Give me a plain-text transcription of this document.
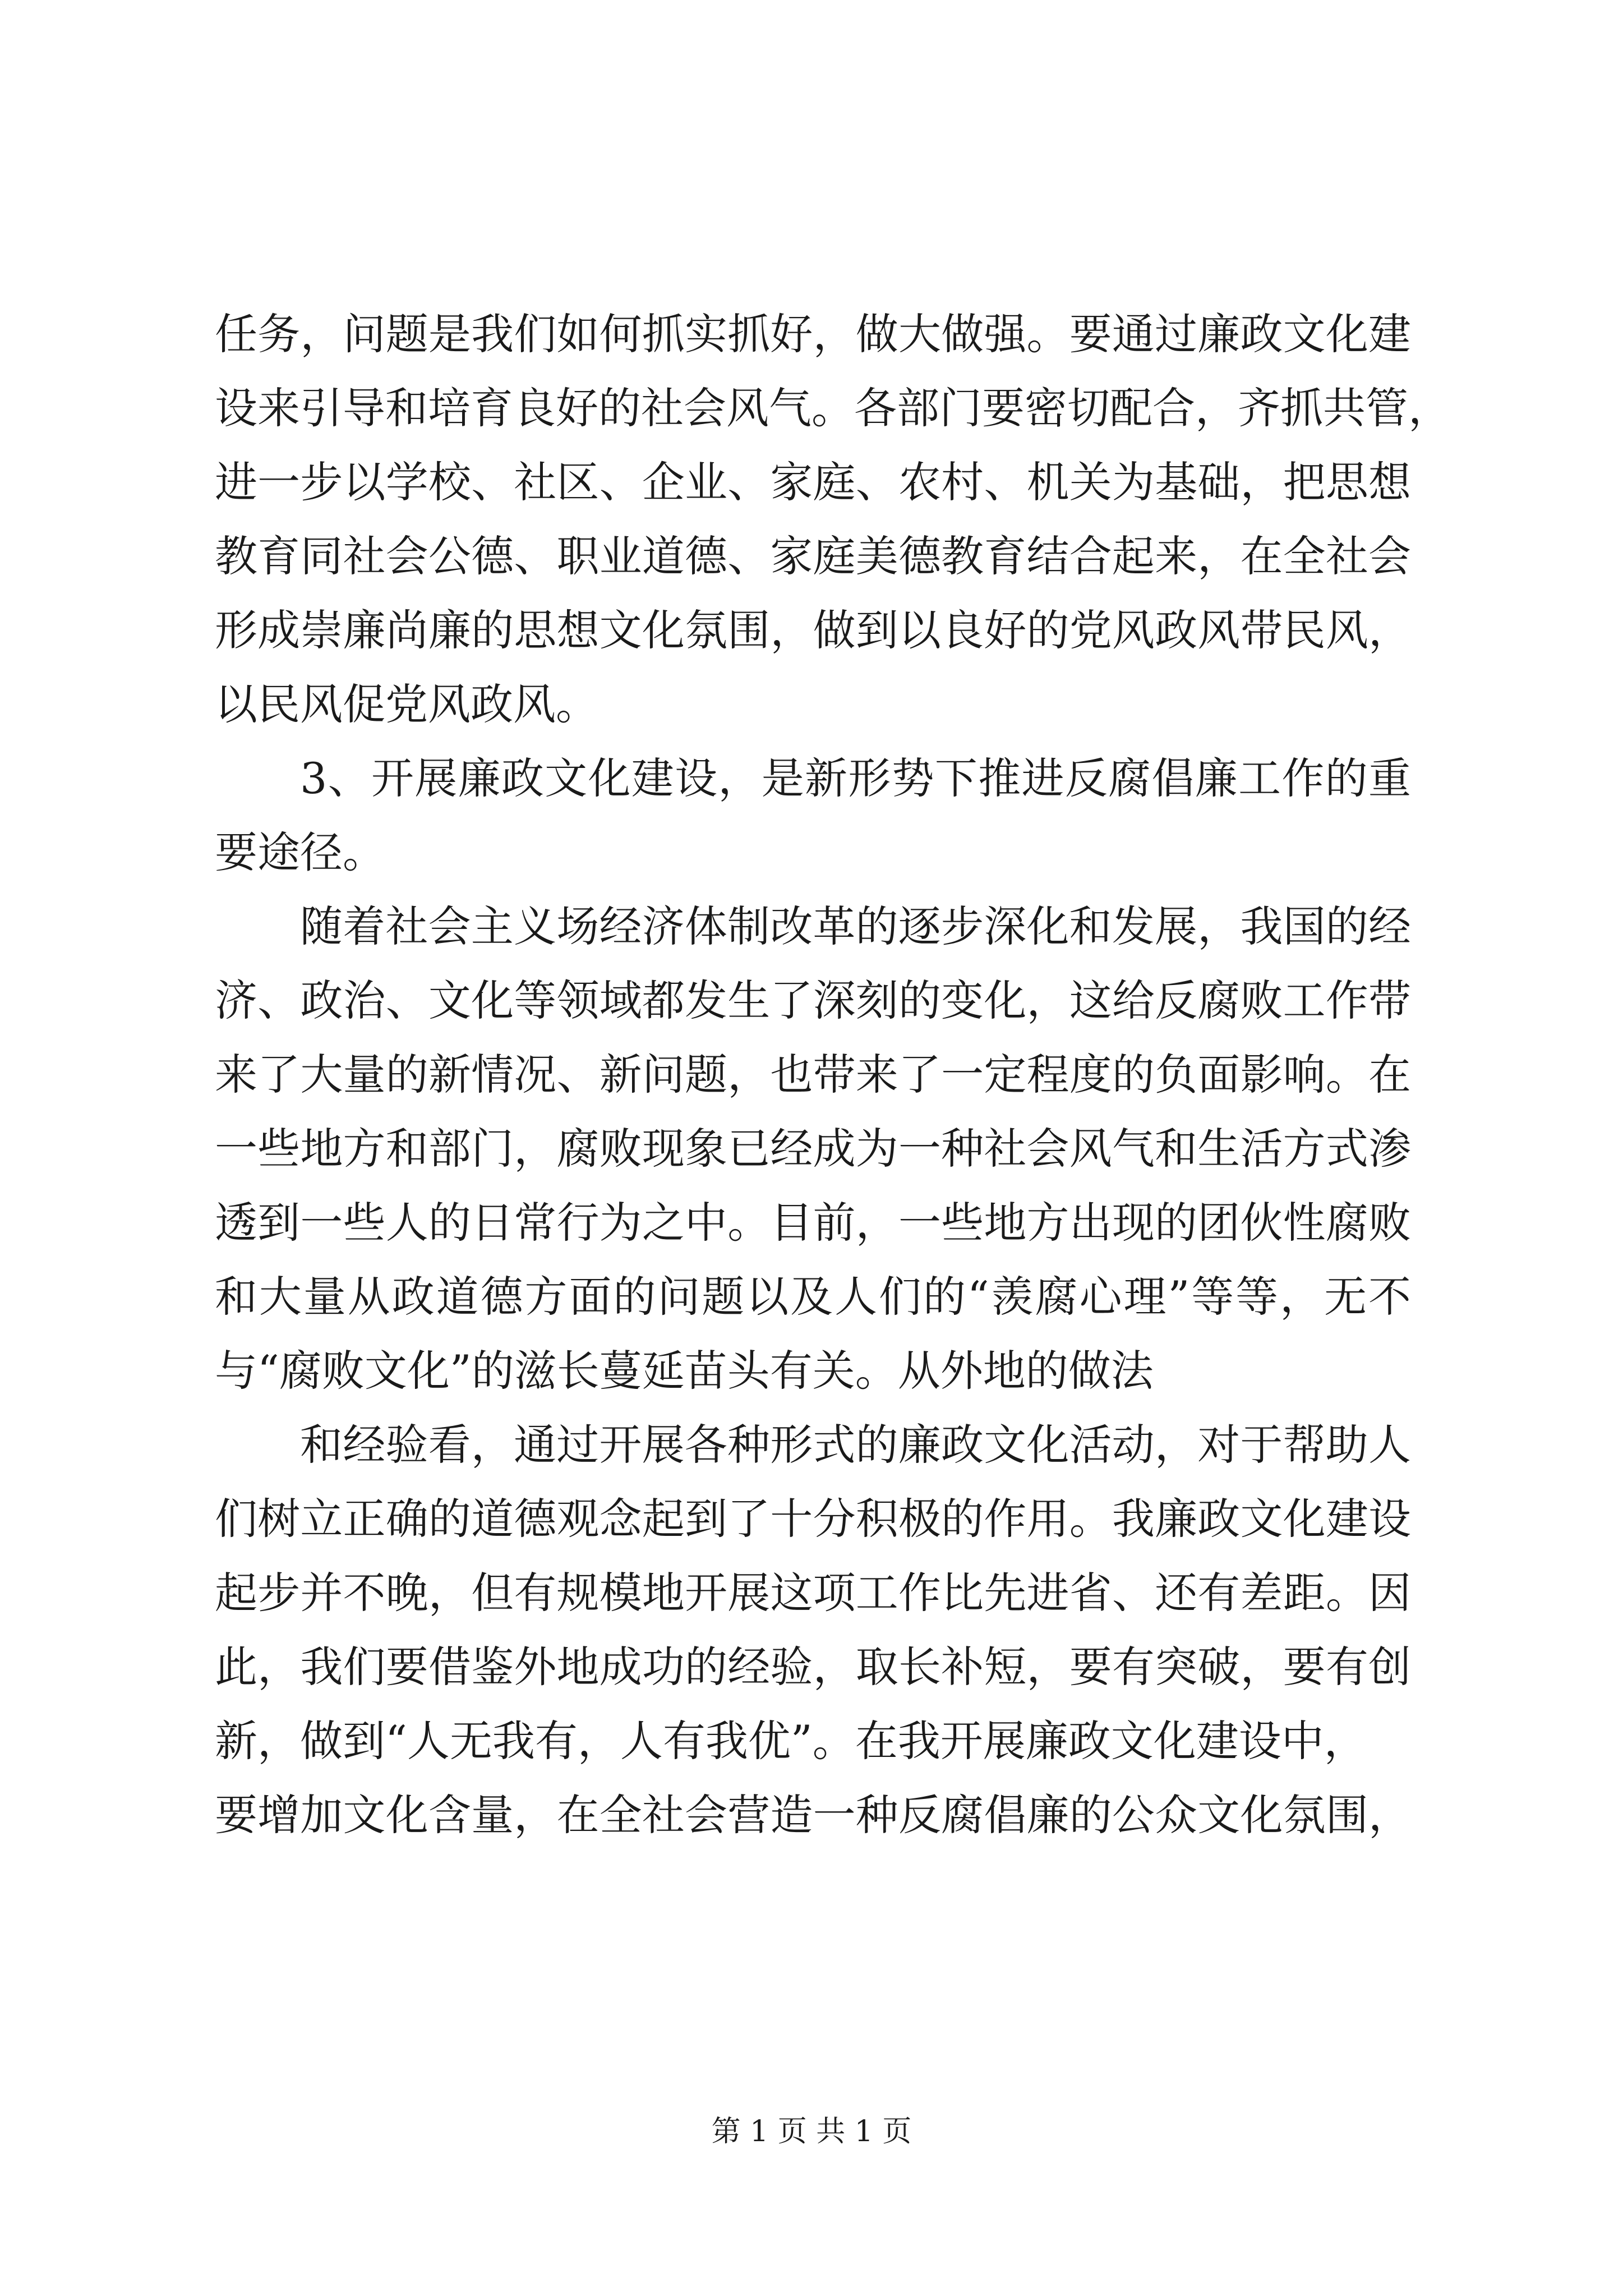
任务，问题是我们如何抓实抓好，做大做强。要通过廉政文化建
设来引导和培育良好的社会风气。各部门要密切配合，齐抓共管，
进一步以学校、社区、企业、家庭、农村、机关为基础，把思想
教育同社会公德、职业道德、家庭美德教育结合起来，在全社会
形成崇廉尚廉的思想文化氛围，做到以良好的党风政风带民风，
以民风促党风政风。

3、开展廉政文化建设，是新形势下推进反腐倡廉工作的重
要途径。

随着社会主义场经济体制改革的逐步深化和发展，我国的经
济、政治、文化等领域都发生了深刻的变化，这给反腐败工作带
来了大量的新情况、新问题，也带来了一定程度的负面影响。在
一些地方和部门，腐败现象已经成为一种社会风气和生活方式渗
透到一些人的日常行为之中。目前，一些地方出现的团伙性腐败
和大量从政道德方面的问题以及人们的“羡腐心理”等等，无不
与“腐败文化”的滋长蔓延苗头有关。从外地的做法

和经验看，通过开展各种形式的廉政文化活动，对于帮助人
们树立正确的道德观念起到了十分积极的作用。我廉政文化建设
起步并不晚，但有规模地开展这项工作比先进省、还有差距。因
此，我们要借鉴外地成功的经验，取长补短，要有突破，要有创
新，做到“人无我有，人有我优”。在我开展廉政文化建设中，
要增加文化含量，在全社会营造一种反腐倡廉的公众文化氛围，

第 1 页 共 1 页
